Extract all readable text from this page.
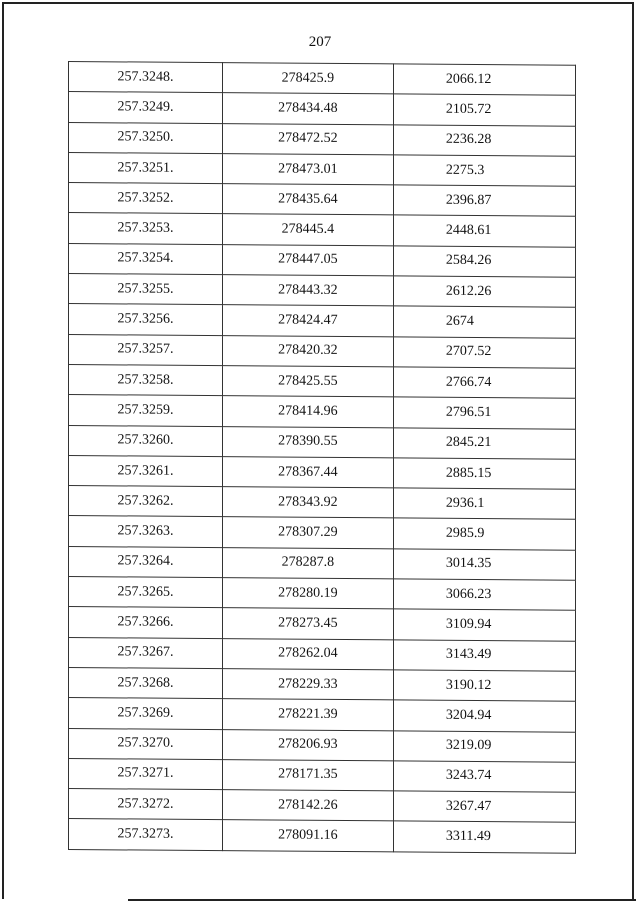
207
257.3248.	278425.9	2066.12
257.3249.	278434.48	2105.72
257.3250.	278472.52	2236.28
257.3251.	278473.01	2275.3
257.3252.	278435.64	2396.87
257.3253.	278445.4	2448.61
257.3254.	278447.05	2584.26
257.3255.	278443.32	2612.26
257.3256.	278424.47	2674
257.3257.	278420.32	2707.52
257.3258.	278425.55	2766.74
257.3259.	278414.96	2796.51
257.3260.	278390.55	2845.21
257.3261.	278367.44	2885.15
257.3262.	278343.92	2936.1
257.3263.	278307.29	2985.9
257.3264.	278287.8	3014.35
257.3265.	278280.19	3066.23
257.3266.	278273.45	3109.94
257.3267.	278262.04	3143.49
257.3268.	278229.33	3190.12
257.3269.	278221.39	3204.94
257.3270.	278206.93	3219.09
257.3271.	278171.35	3243.74
257.3272.	278142.26	3267.47
257.3273.	278091.16	3311.49
